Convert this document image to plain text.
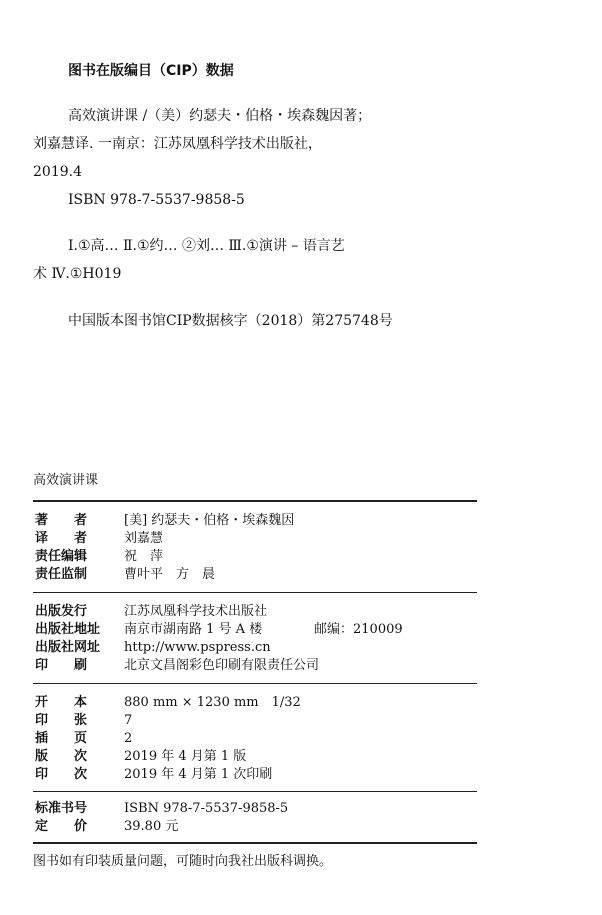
图书在版编目（CIP）数据
高效演讲课 /（美）约瑟夫・伯格・埃森魏因著；
刘嘉慧译. 一南京：江苏凤凰科学技术出版社，
2019.4
ISBN 978-7-5537-9858-5
Ⅰ.①高… Ⅱ.①约… ②刘… Ⅲ.①演讲 – 语言艺
术 Ⅳ.①H019
中国版本图书馆CIP数据核字（2018）第275748号
高效演讲课
著　　者	[美] 约瑟夫・伯格・埃森魏因
译　　者	刘嘉慧
责任编辑	祝　萍
责任监制	曹叶平　方　晨
出版发行	江苏凤凰科学技术出版社
出版社地址 南京市湖南路 1 号 A 楼	邮编：210009
出版社网址 http://www.pspress.cn
印　　刷	北京文昌阁彩色印刷有限责任公司
开　　本	880 mm × 1230 mm　1/32
印　　张	7
插　　页	2
版　　次	2019 年 4 月第 1 版
印　　次	2019 年 4 月第 1 次印刷
标准书号	ISBN 978-7-5537-9858-5
定　　价	39.80 元
图书如有印装质量问题，可随时向我社出版科调换。
